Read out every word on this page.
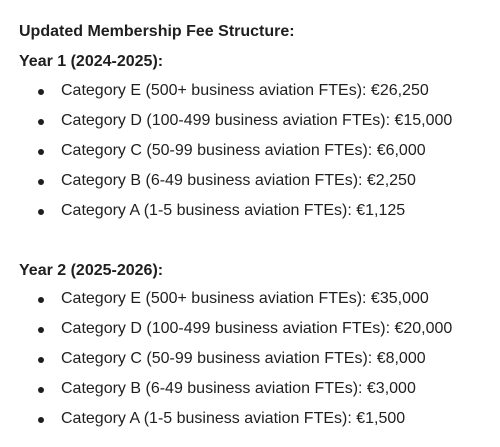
Updated Membership Fee Structure:
Year 1 (2024-2025):
Category E (500+ business aviation FTEs): €26,250
Category D (100-499 business aviation FTEs): €15,000
Category C (50-99 business aviation FTEs): €6,000
Category B (6-49 business aviation FTEs): €2,250
Category A (1-5 business aviation FTEs): €1,125
Year 2 (2025-2026):
Category E (500+ business aviation FTEs): €35,000
Category D (100-499 business aviation FTEs): €20,000
Category C (50-99 business aviation FTEs): €8,000
Category B (6-49 business aviation FTEs): €3,000
Category A (1-5 business aviation FTEs): €1,500
